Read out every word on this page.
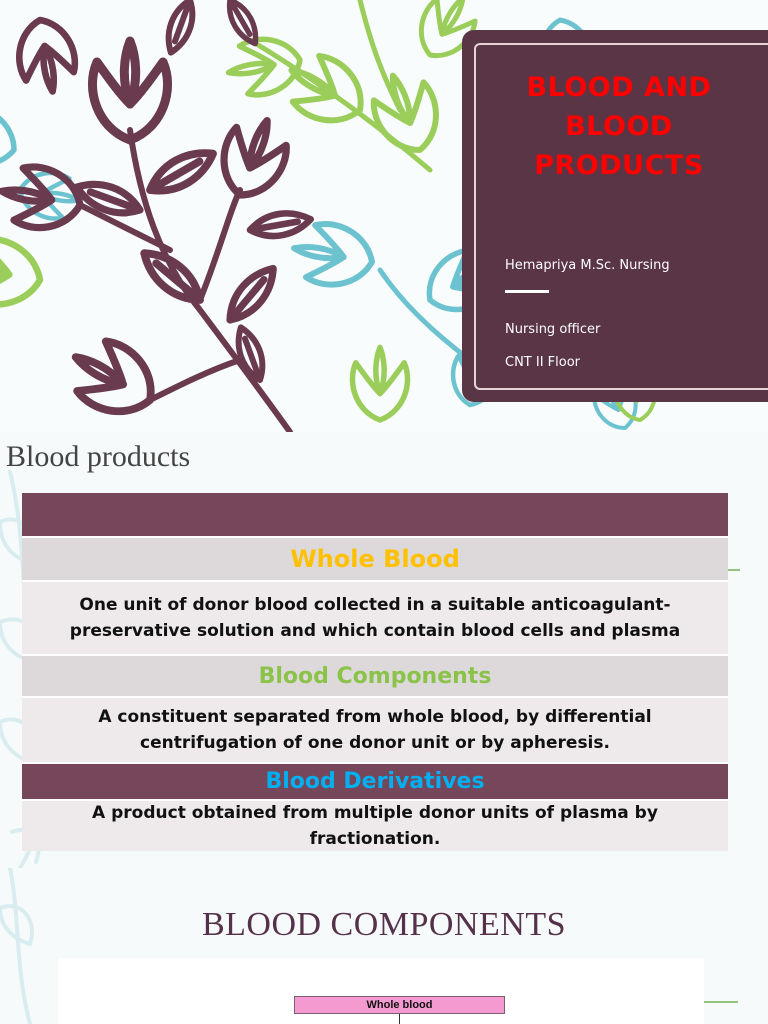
BLOOD AND
BLOOD
PRODUCTS
Hemapriya M.Sc. Nursing
Nursing officer
CNT II Floor
Blood products
Whole Blood
One unit of donor blood collected in a suitable anticoagulant-preservative solution and which contain blood cells and plasma
Blood Components
A constituent separated from whole blood, by differential centrifugation of one donor unit or by apheresis.
Blood Derivatives
A product obtained from multiple donor units of plasma by fractionation.
BLOOD COMPONENTS
Whole blood
